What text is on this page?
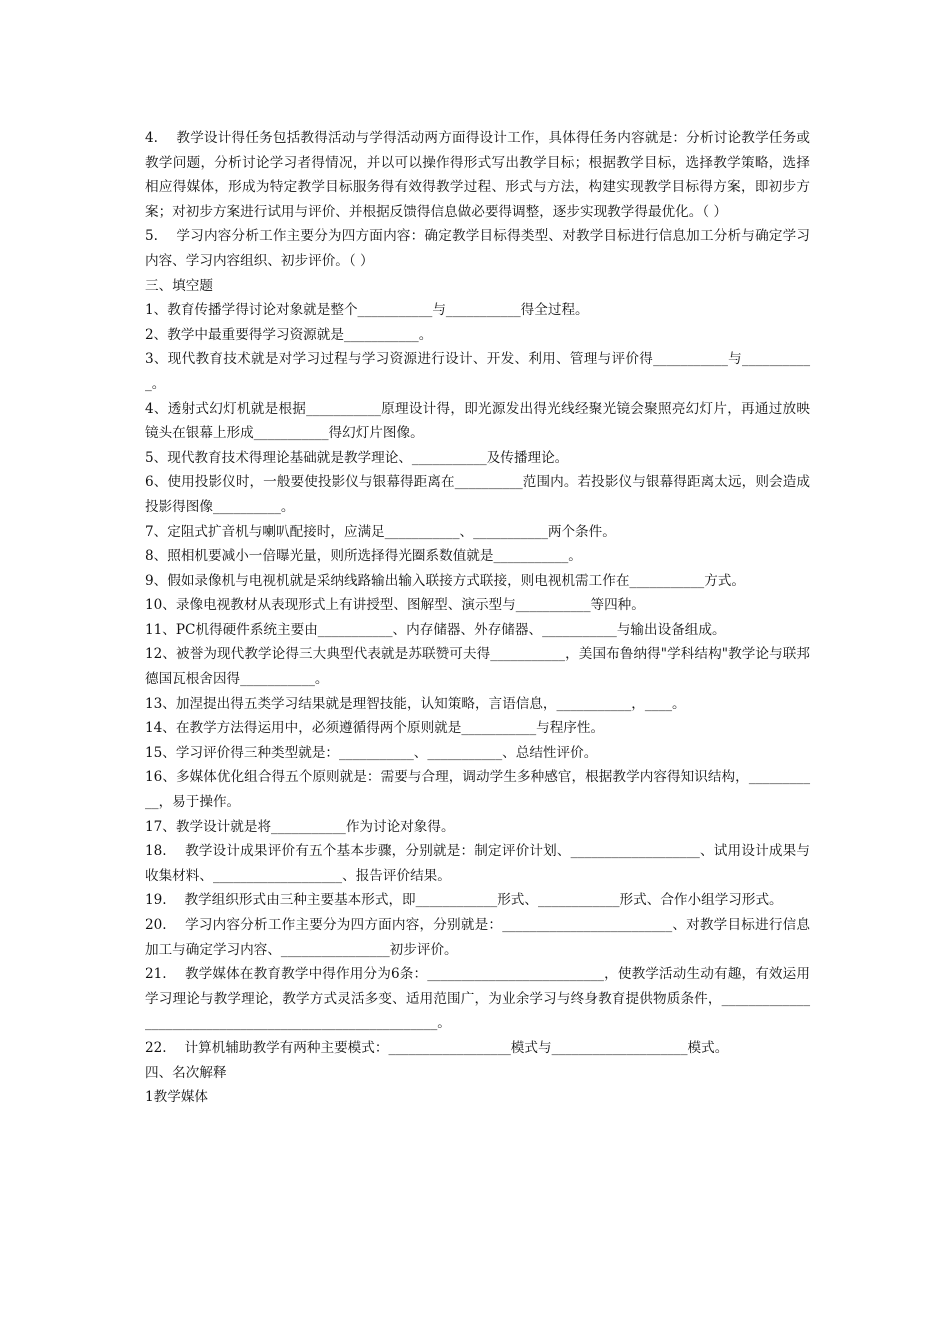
4.　 教学设计得任务包括教得活动与学得活动两方面得设计工作，具体得任务内容就是：分析讨论教学任务或教学问题，分析讨论学习者得情况，并以可以操作得形式写出教学目标；根据教学目标，选择教学策略，选择相应得媒体，形成为特定教学目标服务得有效得教学过程、形式与方法，构建实现教学目标得方案，即初步方案；对初步方案进行试用与评价、并根据反馈得信息做必要得调整，逐步实现教学得最优化。（ ）

5.　 学习内容分析工作主要分为四方面内容：确定教学目标得类型、对教学目标进行信息加工分析与确定学习内容、学习内容组织、初步评价。（ ）

三、填空题

1、教育传播学得讨论对象就是整个___________与___________得全过程。

2、教学中最重要得学习资源就是___________。

3、现代教育技术就是对学习过程与学习资源进行设计、开发、利用、管理与评价得___________与___________。

4、透射式幻灯机就是根据___________原理设计得，即光源发出得光线经聚光镜会聚照亮幻灯片，再通过放映镜头在银幕上形成___________得幻灯片图像。

5、现代教育技术得理论基础就是教学理论、___________及传播理论。

6、使用投影仪时，一般要使投影仪与银幕得距离在__________范围内。若投影仪与银幕得距离太远，则会造成投影得图像__________。

7、定阻式扩音机与喇叭配接时，应满足___________、___________两个条件。

8、照相机要减小一倍曝光量，则所选择得光圈系数值就是___________。

9、假如录像机与电视机就是采纳线路输出输入联接方式联接，则电视机需工作在___________方式。

10、录像电视教材从表现形式上有讲授型、图解型、演示型与___________等四种。

11、PC机得硬件系统主要由___________、内存储器、外存储器、___________与输出设备组成。

12、被誉为现代教学论得三大典型代表就是苏联赞可夫得___________，美国布鲁纳得"学科结构"教学论与联邦德国瓦根舍因得___________。

13、加涅提出得五类学习结果就是理智技能，认知策略，言语信息，___________，____。

14、在教学方法得运用中，必须遵循得两个原则就是___________与程序性。

15、学习评价得三种类型就是：___________、___________、总结性评价。

16、多媒体优化组合得五个原则就是：需要与合理，调动学生多种感官，根据教学内容得知识结构，___________，易于操作。

17、教学设计就是将___________作为讨论对象得。

18.　 教学设计成果评价有五个基本步骤，分别就是：制定评价计划、___________________、试用设计成果与收集材料、___________________、报告评价结果。

19.　 教学组织形式由三种主要基本形式，即____________形式、____________形式、合作小组学习形式。

20.　 学习内容分析工作主要分为四方面内容，分别就是：_________________________、对教学目标进行信息加工与确定学习内容、________________初步评价。

21.　 教学媒体在教育教学中得作用分为6条：__________________________，使教学活动生动有趣，有效运用学习理论与教学理论，教学方式灵活多变、适用范围广，为业余学习与终身教育提供物质条件，________________________________________________________。

22.　 计算机辅助教学有两种主要模式：__________________模式与____________________模式。

四、名次解释

1教学媒体
